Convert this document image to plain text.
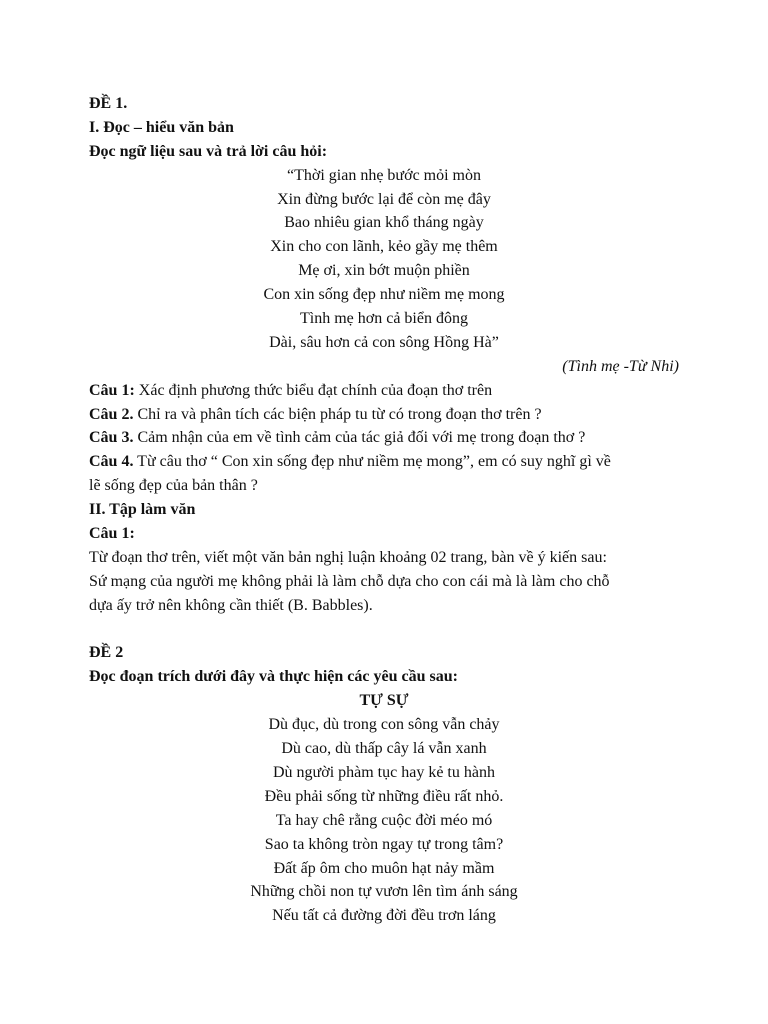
ĐỀ 1.
I. Đọc – hiểu văn bản
Đọc ngữ liệu sau và trả lời câu hỏi:
“Thời gian nhẹ bước mỏi mòn
Xin đừng bước lại để còn mẹ đây
Bao nhiêu gian khổ tháng ngày
Xin cho con lãnh, kẻo gầy mẹ thêm
Mẹ ơi, xin bớt muộn phiền
Con xin sống đẹp như niềm mẹ mong
Tình mẹ hơn cả biển đông
Dài, sâu hơn cả con sông Hồng Hà”
(Tình mẹ -Từ Nhi)
Câu 1: Xác định phương thức biểu đạt chính của đoạn thơ trên
Câu 2. Chỉ ra và phân tích các biện pháp tu từ có trong đoạn thơ trên ?
Câu 3. Cảm nhận của em về tình cảm của tác giả đối với mẹ trong đoạn thơ ?
Câu 4. Từ câu thơ “ Con xin sống đẹp như niềm mẹ mong”, em có suy nghĩ gì về
lẽ sống đẹp của bản thân ?
II. Tập làm văn
Câu 1:
Từ đoạn thơ trên, viết một văn bản nghị luận khoảng 02 trang, bàn về ý kiến sau:
Sứ mạng của người mẹ không phải là làm chỗ dựa cho con cái mà là làm cho chỗ
dựa ấy trở nên không cần thiết (B. Babbles).
ĐỀ 2
Đọc đoạn trích dưới đây và thực hiện các yêu cầu sau:
TỰ SỰ
Dù đục, dù trong con sông vẫn chảy
Dù cao, dù thấp cây lá vẫn xanh
Dù người phàm tục hay kẻ tu hành
Đều phải sống từ những điều rất nhỏ.
Ta hay chê rằng cuộc đời méo mó
Sao ta không tròn ngay tự trong tâm?
Đất ấp ôm cho muôn hạt nảy mầm
Những chồi non tự vươn lên tìm ánh sáng
Nếu tất cả đường đời đều trơn láng
